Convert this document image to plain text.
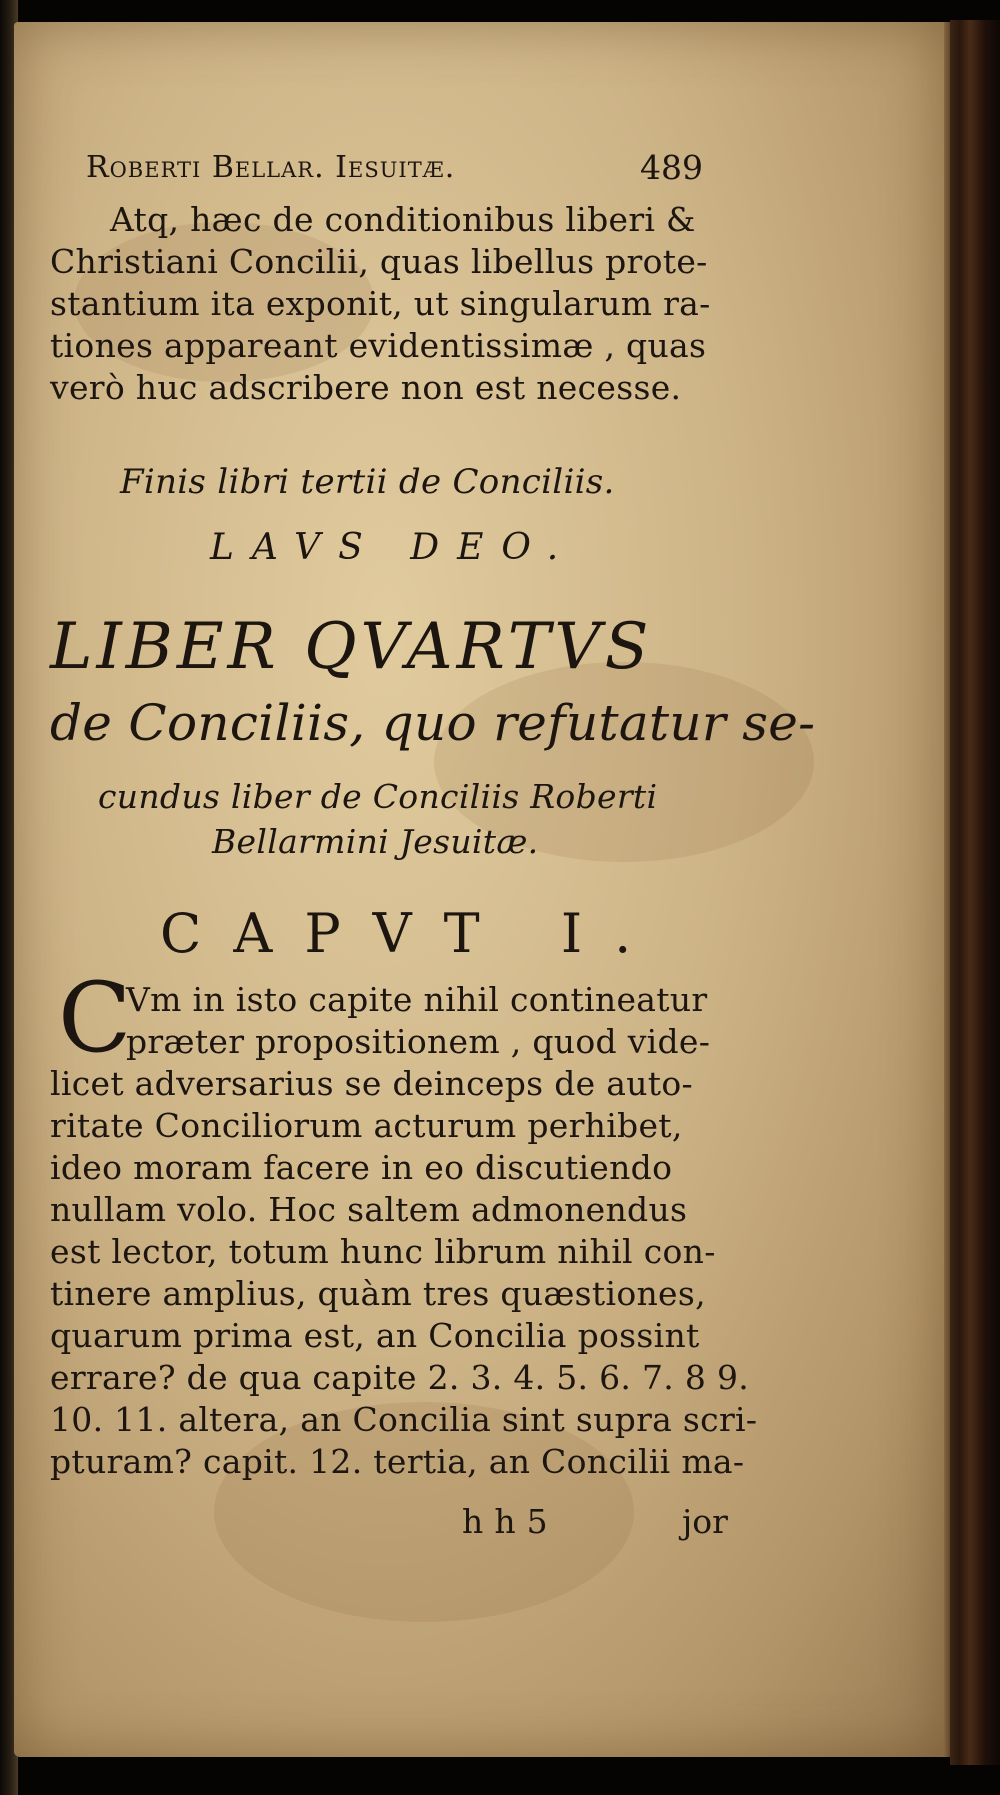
Roberti Bellar. Iesuitæ.	489
Atq, hæc de conditionibus liberi &
Christiani Concilii, quas libellus prote-
stantium ita exponit, ut singularum ra-
tiones appareant evidentissimæ , quas
verò huc adscribere non est necesse.
Finis libri tertii de Conciliis.
LAVS DEO.
LIBER QVARTVS
de Conciliis, quo refutatur se-
cundus liber de Conciliis Roberti
Bellarmini Jesuitæ.
CAPVT I.
C
Vm in isto capite nihil contineatur
præter propositionem , quod vide-
licet adversarius se deinceps de auto-
ritate Conciliorum acturum perhibet,
ideo moram facere in eo discutiendo
nullam volo. Hoc saltem admonendus
est lector, totum hunc librum nihil con-
tinere amplius, quàm tres quæstiones,
quarum prima est, an Concilia possint
errare? de qua capite 2. 3. 4. 5. 6. 7. 8 9.
10. 11. altera, an Concilia sint supra scri-
pturam? capit. 12. tertia, an Concilii ma-
h h 5	jor
